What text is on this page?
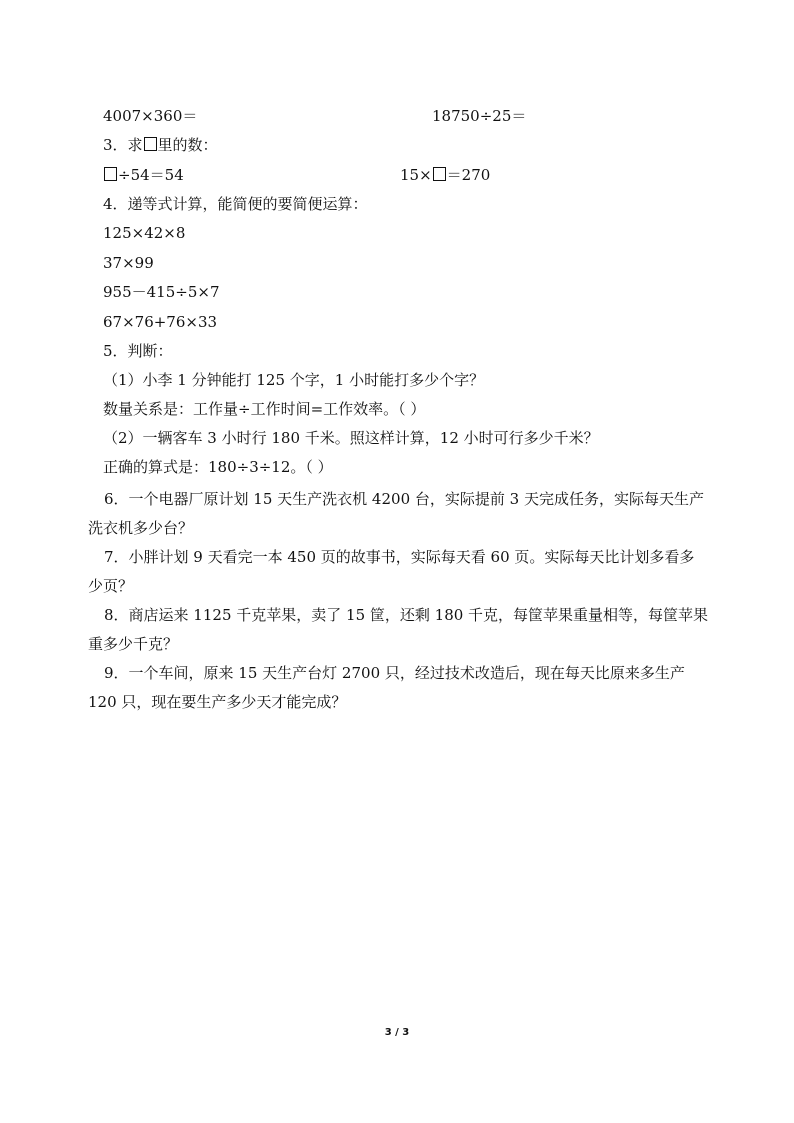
4007×360＝	18750÷25＝
3．求 里的数：
÷54＝54	15× ＝270
4．递等式计算，能简便的要简便运算：
125×42×8
37×99
955－415÷5×7
67×76+76×33
5．判断：
（1）小李 1 分钟能打 125 个字，1 小时能打多少个字？
数量关系是：工作量÷工作时间=工作效率。（ ）
（2）一辆客车 3 小时行 180 千米。照这样计算，12 小时可行多少千米？
正确的算式是：180÷3÷12。（ ）
6．一个电器厂原计划 15 天生产洗衣机 4200 台，实际提前 3 天完成任务，实际每天生产
洗衣机多少台？
7．小胖计划 9 天看完一本 450 页的故事书，实际每天看 60 页。实际每天比计划多看多
少页？
8．商店运来 1125 千克苹果，卖了 15 筐，还剩 180 千克，每筐苹果重量相等，每筐苹果
重多少千克？
9．一个车间，原来 15 天生产台灯 2700 只，经过技术改造后，现在每天比原来多生产
120 只，现在要生产多少天才能完成？
3 / 3
